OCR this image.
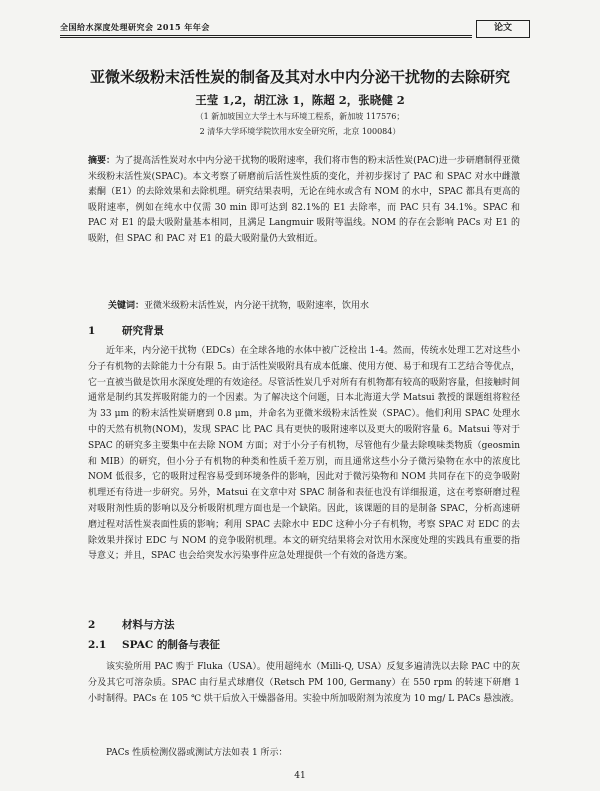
全国给水深度处理研究会 2015 年年会	论文
亚微米级粉末活性炭的制备及其对水中内分泌干扰物的去除研究
王莹 1,2，胡江泳 1，陈超 2，张晓健 2
（1 新加坡国立大学土木与环境工程系，新加坡 117576；
2 清华大学环境学院饮用水安全研究所，北京 100084）
摘要：为了提高活性炭对水中内分泌干扰物的吸附速率，我们将市售的粉末活性炭(PAC)进一步研磨制得亚微米级粉末活性炭(SPAC)。本文考察了研磨前后活性炭性质的变化，并初步探讨了 PAC 和 SPAC 对水中雌激素酮（E1）的去除效果和去除机理。研究结果表明，无论在纯水或含有 NOM 的水中，SPAC 都具有更高的吸附速率，例如在纯水中仅需 30 min 即可达到 82.1%的 E1 去除率，而 PAC 只有 34.1%。SPAC 和 PAC 对 E1 的最大吸附量基本相同，且满足 Langmuir 吸附等温线。NOM 的存在会影响 PACs 对 E1 的吸附，但 SPAC 和 PAC 对 E1 的最大吸附量仍大致相近。
关键词：亚微米级粉末活性炭，内分泌干扰物，吸附速率，饮用水
1	研究背景
近年来，内分泌干扰物（EDCs）在全球各地的水体中被广泛检出 1-4。然而，传统水处理工艺对这些小分子有机物的去除能力十分有限 5。由于活性炭吸附具有成本低廉、使用方便、易于和现有工艺结合等优点，它一直被当做是饮用水深度处理的有效途径。尽管活性炭几乎对所有有机物都有较高的吸附容量，但接触时间通常是制约其发挥吸附能力的一个因素。为了解决这个问题，日本北海道大学 Matsui 教授的课题组将粒径为 33 μm 的粉末活性炭研磨到 0.8 μm，并命名为亚微米级粉末活性炭（SPAC）。他们利用 SPAC 处理水中的天然有机物(NOM)，发现 SPAC 比 PAC 具有更快的吸附速率以及更大的吸附容量 6。Matsui 等对于 SPAC 的研究多主要集中在去除 NOM 方面；对于小分子有机物，尽管他有少量去除嗅味类物质（geosmin 和 MIB）的研究，但小分子有机物的种类和性质千差万别，而且通常这些小分子微污染物在水中的浓度比 NOM 低很多，它的吸附过程容易受到环境条件的影响，因此对于微污染物和 NOM 共同存在下的竞争吸附机理还有待进一步研究。另外，Matsui 在文章中对 SPAC 制备和表征也没有详细报道，这在考察研磨过程对吸附剂性质的影响以及分析吸附机理方面也是一个缺陷。因此，该课题的目的是制备 SPAC，分析高速研磨过程对活性炭表面性质的影响；利用 SPAC 去除水中 EDC 这种小分子有机物，考察 SPAC 对 EDC 的去除效果并探讨 EDC 与 NOM 的竞争吸附机理。本文的研究结果将会对饮用水深度处理的实践具有重要的指导意义；并且，SPAC 也会给突发水污染事件应急处理提供一个有效的备选方案。
2	材料与方法
2.1 SPAC 的制备与表征
该实验所用 PAC 购于 Fluka（USA）。使用超纯水（Milli-Q, USA）反复多遍清洗以去除 PAC 中的灰分及其它可溶杂质。SPAC 由行星式球磨仪（Retsch PM 100, Germany）在 550 rpm 的转速下研磨 1 小时制得。PACs 在 105 ℃ 烘干后放入干燥器备用。实验中所加吸附剂为浓度为 10 mg/ L PACs 悬浊液。
PACs 性质检测仪器或测试方法如表 1 所示：
41
